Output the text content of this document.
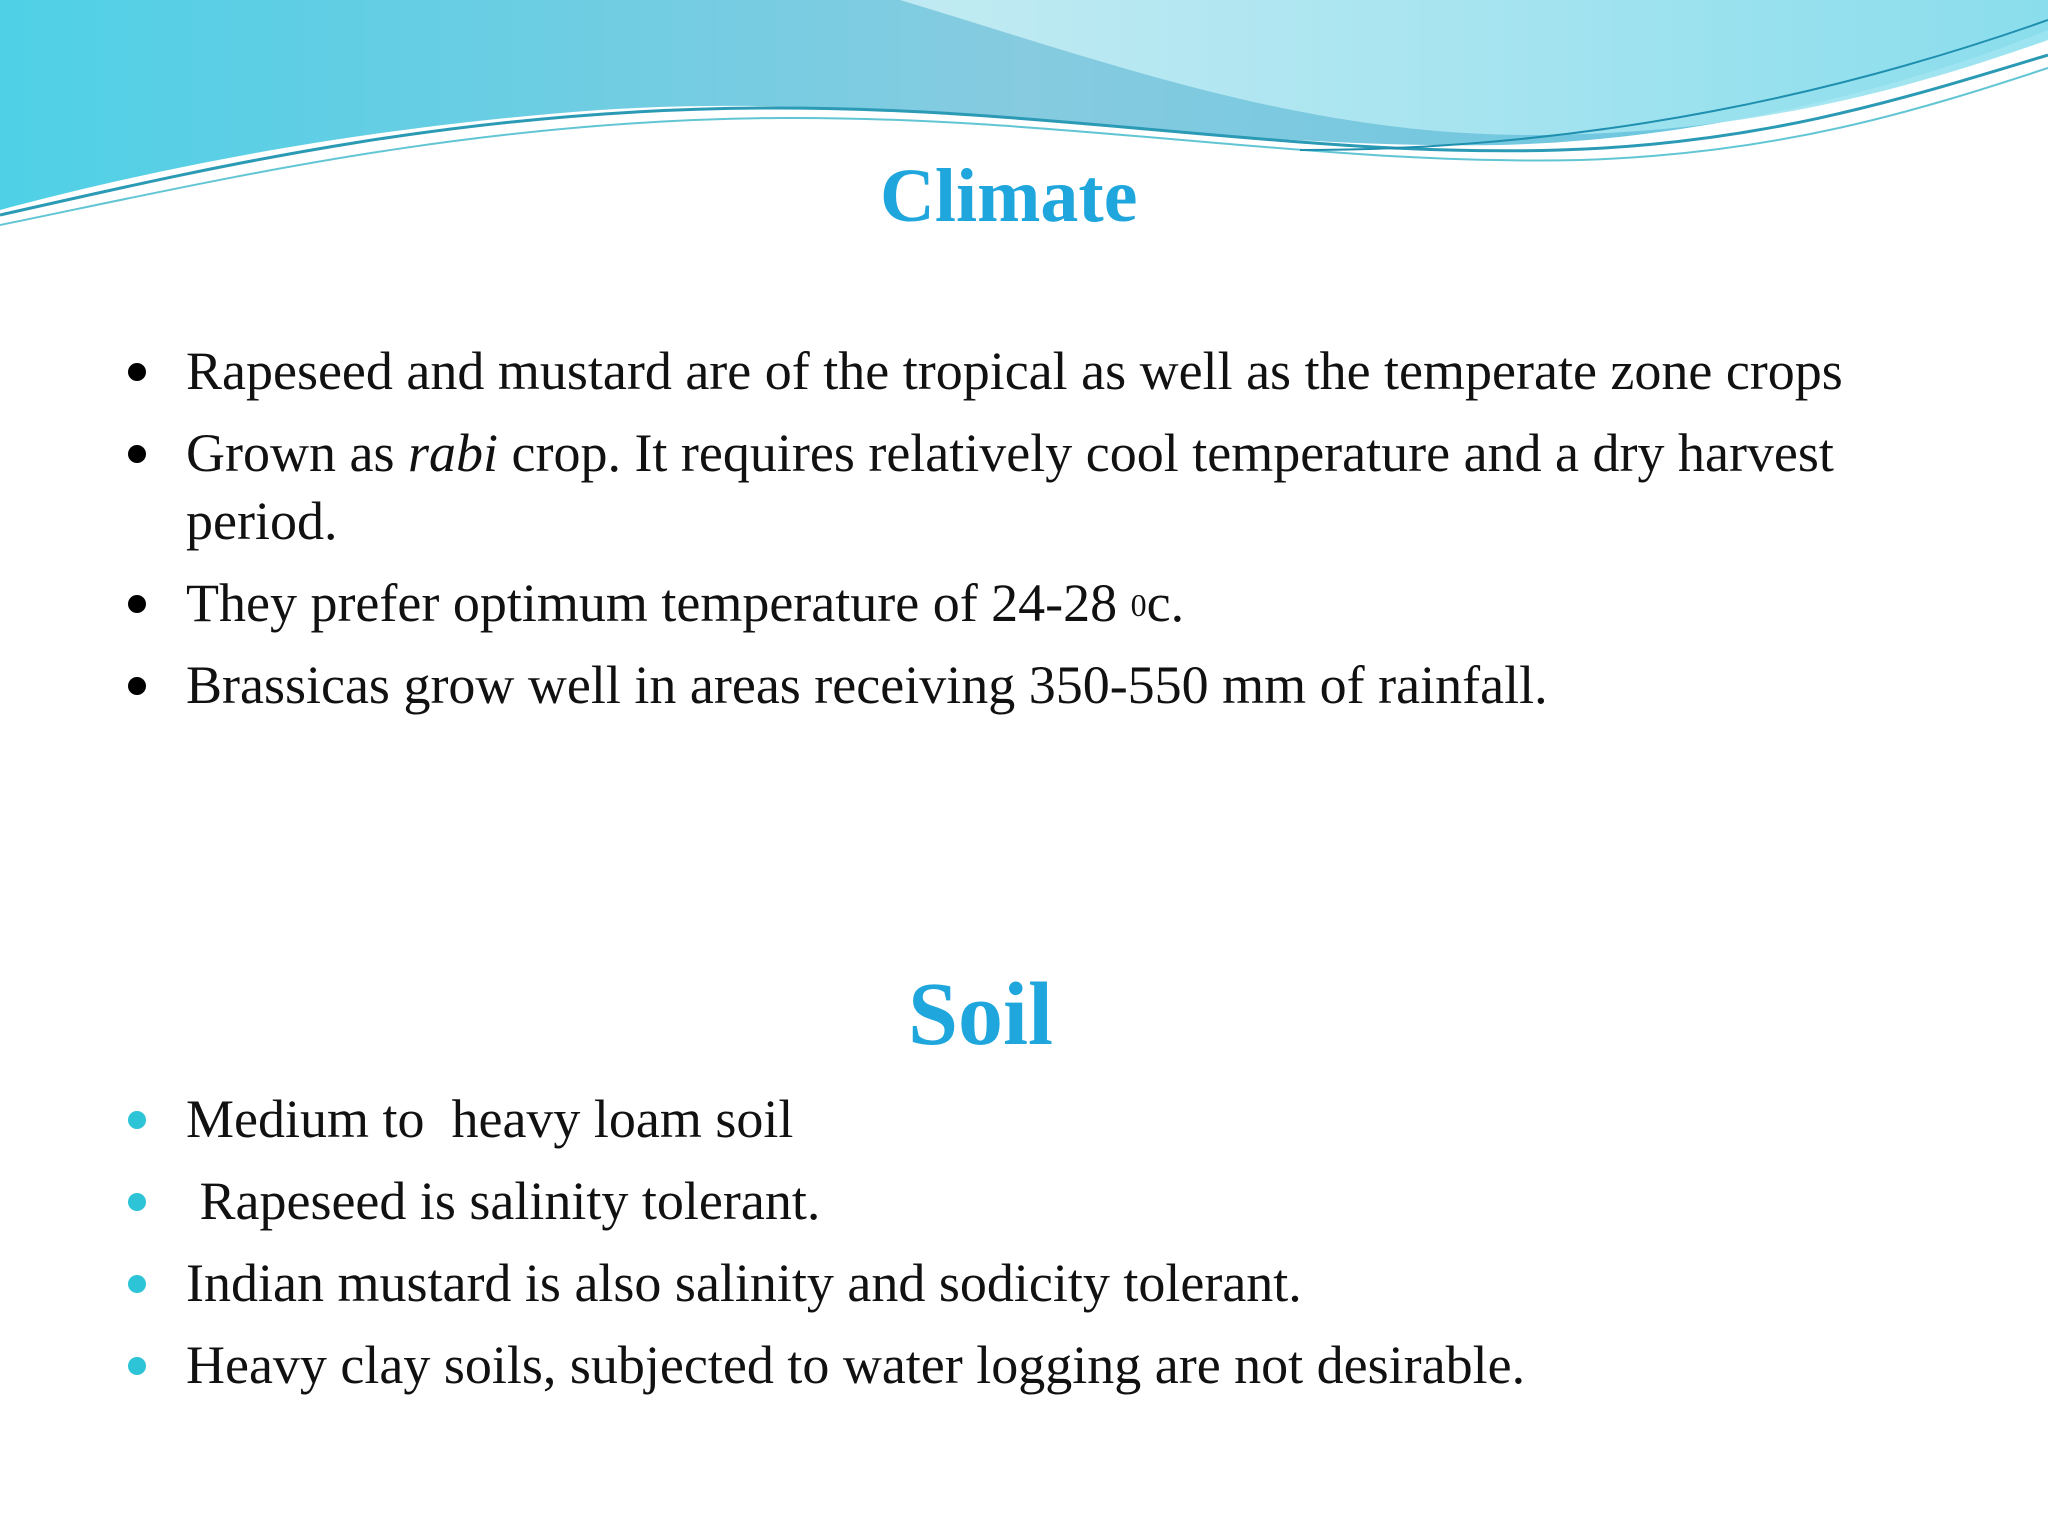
Climate
Rapeseed and mustard are of the tropical as well as the temperate zone crops
Grown as rabi crop. It requires relatively cool temperature and a dry harvest period.
They prefer optimum temperature of 24-28 $^0$c.
Brassicas grow well in areas receiving 350-550 mm of rainfall.
Soil
Medium to  heavy loam soil
Rapeseed is salinity tolerant.
Indian mustard is also salinity and sodicity tolerant.
Heavy clay soils, subjected to water logging are not desirable.
